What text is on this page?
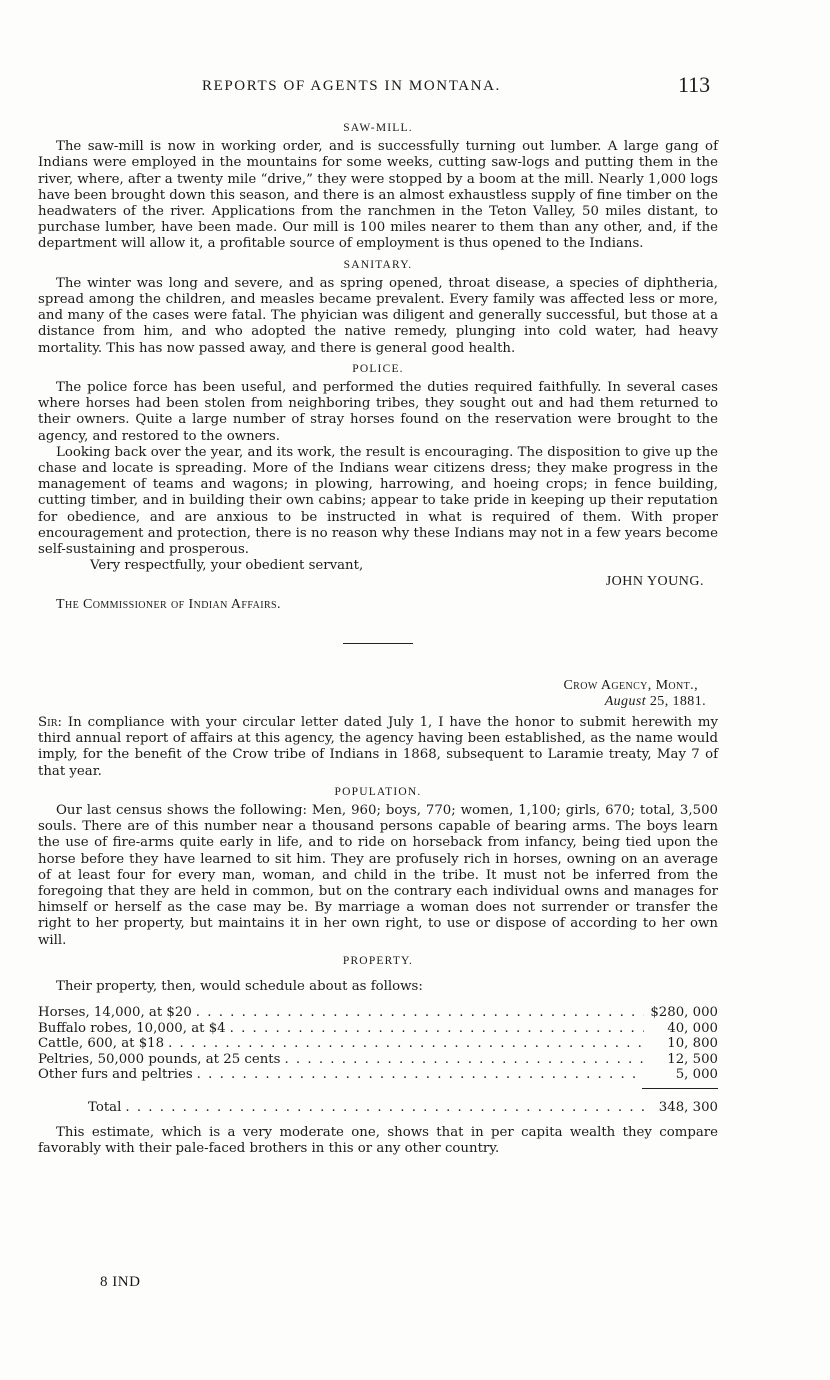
REPORTS OF AGENTS IN MONTANA.	113
SAW-MILL.

The saw-mill is now in working order, and is successfully turning out lumber. A large gang of Indians were employed in the mountains for some weeks, cutting saw-logs and putting them in the river, where, after a twenty mile “drive,” they were stopped by a boom at the mill. Nearly 1,000 logs have been brought down this season, and there is an almost exhaustless supply of fine timber on the headwaters of the river. Applications from the ranchmen in the Teton Valley, 50 miles distant, to purchase lumber, have been made. Our mill is 100 miles nearer to them than any other, and, if the department will allow it, a profitable source of employment is thus opened to the Indians.

SANITARY.

The winter was long and severe, and as spring opened, throat disease, a species of diphtheria, spread among the children, and measles became prevalent. Every family was affected less or more, and many of the cases were fatal. The phyician was diligent and generally successful, but those at a distance from him, and who adopted the native remedy, plunging into cold water, had heavy mortality. This has now passed away, and there is general good health.

POLICE.

The police force has been useful, and performed the duties required faithfully. In several cases where horses had been stolen from neighboring tribes, they sought out and had them returned to their owners. Quite a large number of stray horses found on the reservation were brought to the agency, and restored to the owners.

Looking back over the year, and its work, the result is encouraging. The disposition to give up the chase and locate is spreading. More of the Indians wear citizens dress; they make progress in the management of teams and wagons; in plowing, harrowing, and hoeing crops; in fence building, cutting timber, and in building their own cabins; appear to take pride in keeping up their reputation for obedience, and are anxious to be instructed in what is required of them. With proper encouragement and protection, there is no reason why these Indians may not in a few years become self-sustaining and prosperous.

Very respectfully, your obedient servant,

JOHN YOUNG.

The Commissioner of Indian Affairs.

Crow Agency, Mont.,
August 25, 1881.

Sir: In compliance with your circular letter dated July 1, I have the honor to submit herewith my third annual report of affairs at this agency, the agency having been established, as the name would imply, for the benefit of the Crow tribe of Indians in 1868, subsequent to Laramie treaty, May 7 of that year.

POPULATION.

Our last census shows the following: Men, 960; boys, 770; women, 1,100; girls, 670; total, 3,500 souls. There are of this number near a thousand persons capable of bearing arms. The boys learn the use of fire-arms quite early in life, and to ride on horseback from infancy, being tied upon the horse before they have learned to sit him. They are profusely rich in horses, owning on an average of at least four for every man, woman, and child in the tribe. It must not be inferred from the foregoing that they are held in common, but on the contrary each individual owns and manages for himself or herself as the case may be. By marriage a woman does not surrender or transfer the right to her property, but maintains it in her own right, to use or dispose of according to her own will.

PROPERTY.

Their property, then, would schedule about as follows:

Horses, 14,000, at $20 . . .	$280, 000
Buffalo robes, 10,000, at $4 . . .	40, 000
Cattle, 600, at $18 . . .	10, 800
Peltries, 50,000 pounds, at 25 cents . . .	12, 500
Other furs and peltries . . .	5, 000
Total . . .	348, 300

This estimate, which is a very moderate one, shows that in per capita wealth they compare favorably with their pale-faced brothers in this or any other country.

8 IND
